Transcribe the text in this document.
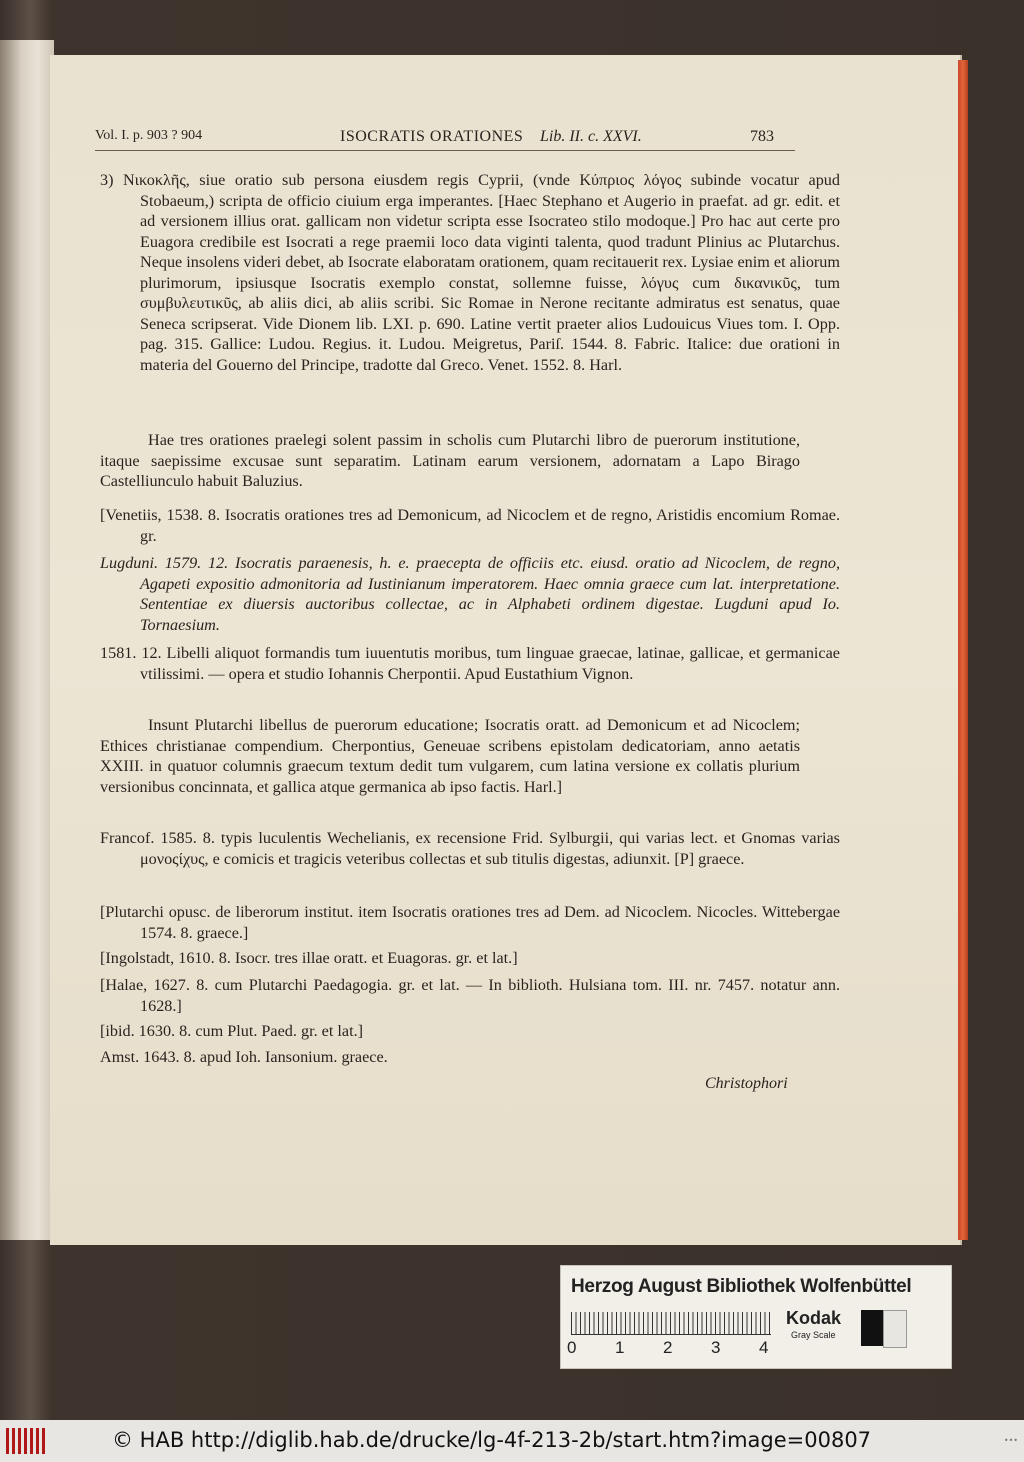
Vol. I. p. 903 ? 904	ISOCRATIS ORATIONES Lib. II. c. XXVI.	783

3) Νικοκλῆς, siue oratio sub persona eiusdem regis Cyprii, (vnde Κύπριος λόγος subinde vocatur apud Stobaeum,) scripta de officio ciuium erga imperantes. [Haec Stephano et Augerio in praefat. ad gr. edit. et ad versionem illius orat. gallicam non videtur scripta esse Isocrateo stilo modoque.] Pro hac aut certe pro Euagora credibile est Isocrati a rege praemii loco data viginti talenta, quod tradunt Plinius ac Plutarchus. Neque insolens videri debet, ab Isocrate elaboratam orationem, quam recitauerit rex. Lysiae enim et aliorum plurimorum, ipsiusque Isocratis exemplo constat, sollemne fuisse, λόγυς cum δικανικῦς, tum συμβυλευτικῦς, ab aliis dici, ab aliis scribi. Sic Romae in Nerone recitante admiratus est senatus, quae Seneca scripserat. Vide Dionem lib. LXI. p. 690. Latine vertit praeter alios Ludouicus Viues tom. I. Opp. pag. 315. Gallice: Ludou. Regius. it. Ludou. Meigretus, Pariſ. 1544. 8. Fabric. Italice: due orationi in materia del Gouerno del Principe, tradotte dal Greco. Venet. 1552. 8. Harl.

Hae tres orationes praelegi solent passim in scholis cum Plutarchi libro de puerorum institutione, itaque saepissime excusae sunt separatim. Latinam earum versionem, adornatam a Lapo Birago Castelliunculo habuit Baluzius.

[Venetiis, 1538. 8. Isocratis orationes tres ad Demonicum, ad Nicoclem et de regno, Aristidis encomium Romae. gr.

Lugduni. 1579. 12. Isocratis paraenesis, h. e. praecepta de officiis etc. eiusd. oratio ad Nicoclem, de regno, Agapeti expositio admonitoria ad Iustinianum imperatorem. Haec omnia graece cum lat. interpretatione. Sententiae ex diuersis auctoribus collectae, ac in Alphabeti ordinem digestae. Lugduni apud Io. Tornaesium.

1581. 12. Libelli aliquot formandis tum iuuentutis moribus, tum linguae graecae, latinae, gallicae, et germanicae vtilissimi. — opera et studio Iohannis Cherpontii. Apud Eustathium Vignon.

Insunt Plutarchi libellus de puerorum educatione; Isocratis oratt. ad Demonicum et ad Nicoclem; Ethices christianae compendium. Cherpontius, Geneuae scribens epistolam dedicatoriam, anno aetatis XXIII. in quatuor columnis graecum textum dedit tum vulgarem, cum latina versione ex collatis plurium versionibus concinnata, et gallica atque germanica ab ipso factis. Harl.]

Francof. 1585. 8. typis luculentis Wechelianis, ex recensione Frid. Sylburgii, qui varias lect. et Gnomas varias μονοςίχυς, e comicis et tragicis veteribus collectas et sub titulis digestas, adiunxit. [P] graece.

[Plutarchi opusc. de liberorum institut. item Isocratis orationes tres ad Dem. ad Nicoclem. Nicocles. Wittebergae 1574. 8. graece.]

[Ingolstadt, 1610. 8. Isocr. tres illae oratt. et Euagoras. gr. et lat.]

[Halae, 1627. 8. cum Plutarchi Paedagogia. gr. et lat. — In biblioth. Hulsiana tom. III. nr. 7457. notatur ann. 1628.]

[ibid. 1630. 8. cum Plut. Paed. gr. et lat.]

Amst. 1643. 8. apud Ioh. Iansonium. graece.

Christophori
Herzog August Bibliothek Wolfenbüttel
0 1 2 3 4
Kodak
Gray Scale
© HAB http://diglib.hab.de/drucke/lg-4f-213-2b/start.htm?image=00807	•••
